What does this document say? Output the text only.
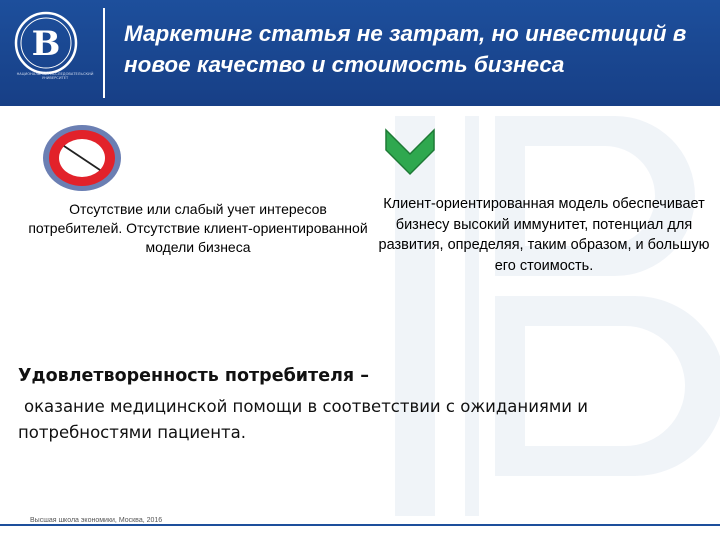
В
НАЦИОНАЛЬНЫЙ ИССЛЕДОВАТЕЛЬСКИЙ УНИВЕРСИТЕТ
Маркетинг статья не затрат, но инвестиций в новое качество и стоимость бизнеса

Отсутствие или слабый учет интересов потребителей. Отсутствие клиент-ориентированной модели бизнеса

Клиент-ориентированная модель обеспечивает бизнесу высокий иммунитет, потенциал для развития, определяя, таким образом, и большую его стоимость.

Удовлетворенность потребителя –

оказание медицинской помощи в соответствии с ожиданиями и
потребностями пациента.

Высшая школа экономики, Москва, 2016
